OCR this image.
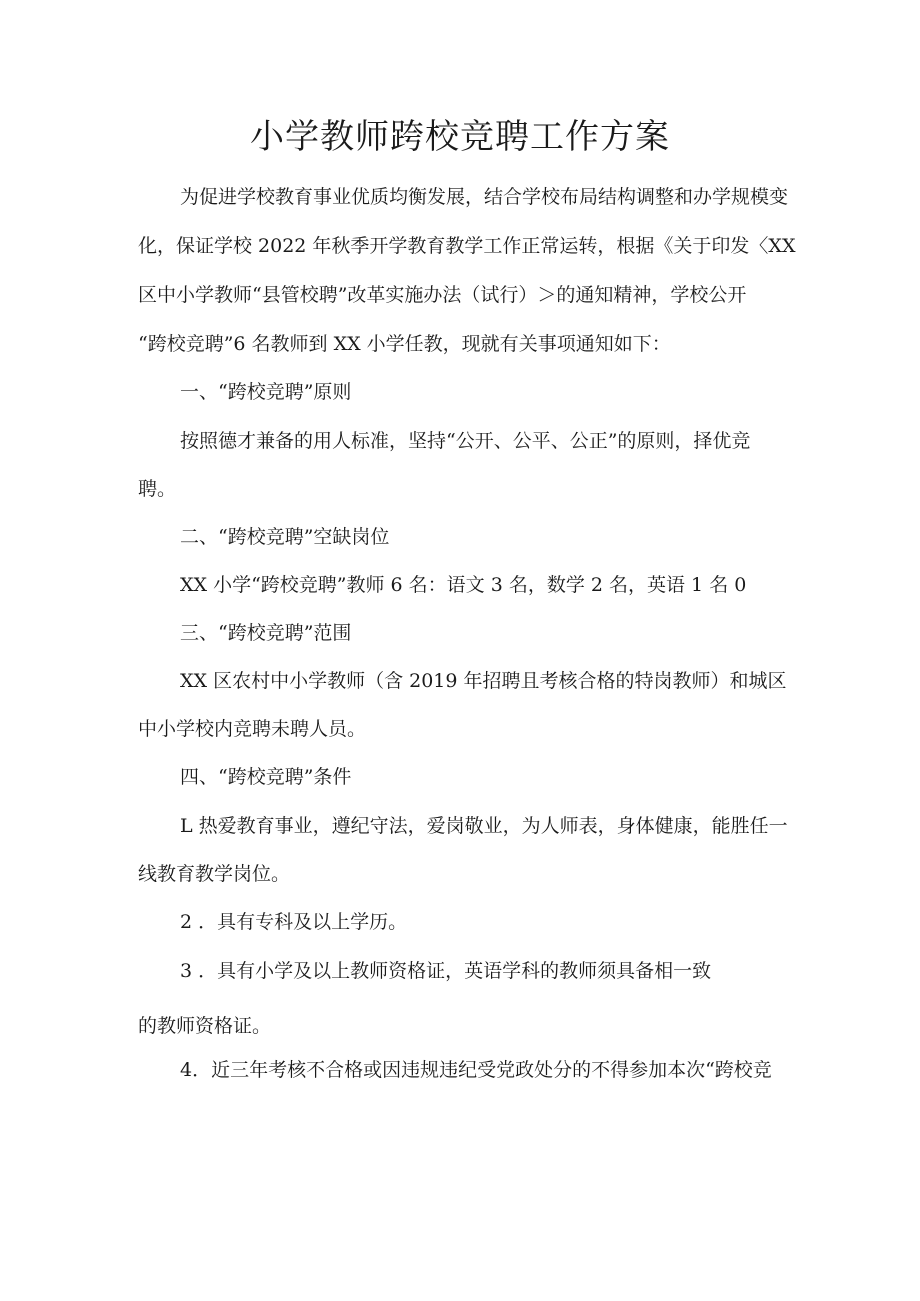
小学教师跨校竞聘工作方案
为促进学校教育事业优质均衡发展，结合学校布局结构调整和办学规模变
化，保证学校 2022 年秋季开学教育教学工作正常运转，根据《关于印发〈XX
区中小学教师“县管校聘”改革实施办法（试行）＞的通知精神，学校公开
“跨校竞聘”6 名教师到 XX 小学任教，现就有关事项通知如下：
一、“跨校竞聘”原则
按照德才兼备的用人标准，坚持“公开、公平、公正”的原则，择优竞
聘。
二、“跨校竞聘”空缺岗位
XX 小学“跨校竞聘”教师 6 名：语文 3 名，数学 2 名，英语 1 名 0
三、“跨校竞聘”范围
XX 区农村中小学教师（含 2019 年招聘且考核合格的特岗教师）和城区
中小学校内竞聘未聘人员。
四、“跨校竞聘”条件
L 热爱教育事业，遵纪守法，爱岗敬业，为人师表，身体健康，能胜任一
线教育教学岗位。
2 ．具有专科及以上学历。
3 ．具有小学及以上教师资格证，英语学科的教师须具备相一致
的教师资格证。
4．近三年考核不合格或因违规违纪受党政处分的不得参加本次“跨校竞
